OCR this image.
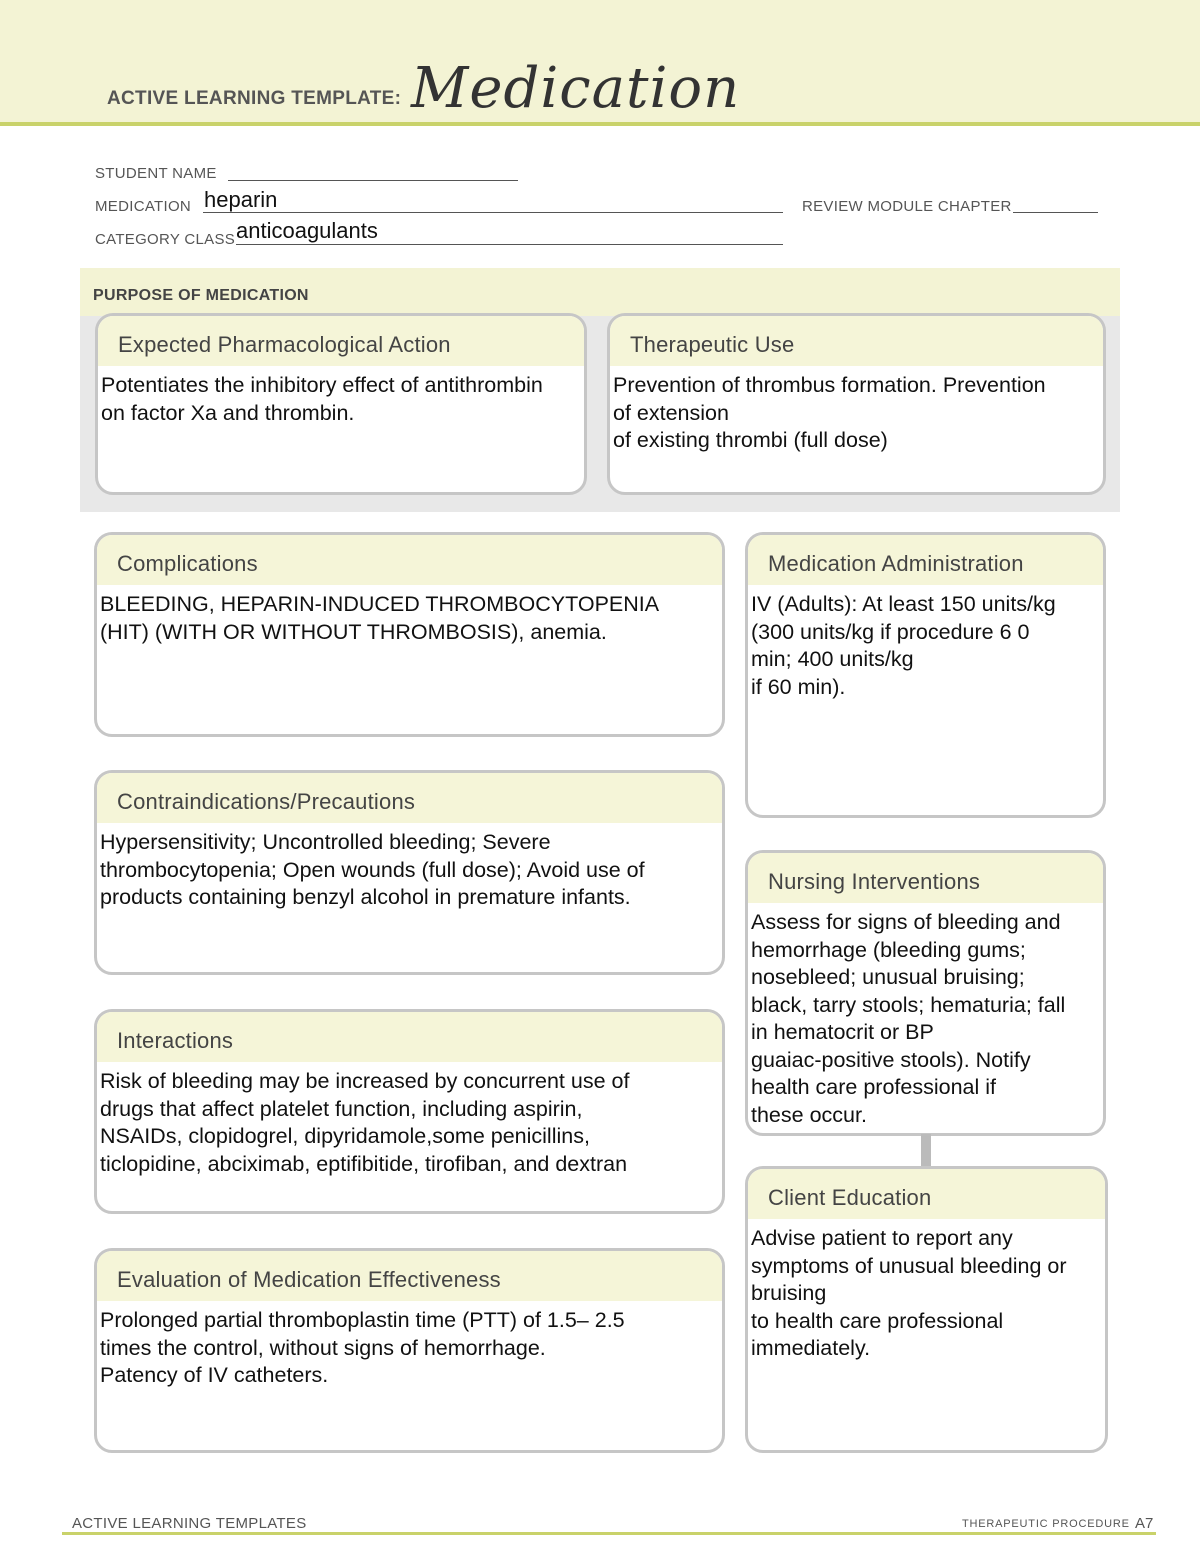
ACTIVE LEARNING TEMPLATE: Medication
STUDENT NAME
MEDICATION heparin	REVIEW MODULE CHAPTER
CATEGORY CLASS anticoagulants
PURPOSE OF MEDICATION
Expected Pharmacological Action
Potentiates the inhibitory effect of antithrombin
on factor Xa and thrombin.
Therapeutic Use
Prevention of thrombus formation. Prevention
of extension
of existing thrombi (full dose)
Complications
BLEEDING, HEPARIN-INDUCED THROMBOCYTOPENIA
(HIT) (WITH OR WITHOUT THROMBOSIS), anemia.
Contraindications/Precautions
Hypersensitivity; Uncontrolled bleeding; Severe
thrombocytopenia; Open wounds (full dose); Avoid use of
products containing benzyl alcohol in premature infants.
Interactions
Risk of bleeding may be increased by concurrent use of
drugs that affect platelet function, including aspirin,
NSAIDs, clopidogrel, dipyridamole,some penicillins,
ticlopidine, abciximab, eptifibitide, tirofiban, and dextran
Evaluation of Medication Effectiveness
Prolonged partial thromboplastin time (PTT) of 1.5– 2.5
times the control, without signs of hemorrhage.
Patency of IV catheters.
Medication Administration
IV (Adults): At least 150 units/kg
(300 units/kg if procedure 6 0
min; 400 units/kg
if 60 min).
Nursing Interventions
Assess for signs of bleeding and
hemorrhage (bleeding gums;
nosebleed; unusual bruising;
black, tarry stools; hematuria; fall
in hematocrit or BP
guaiac-positive stools). Notify
health care professional if
these occur.
Client Education
Advise patient to report any
symptoms of unusual bleeding or
bruising
to health care professional
immediately.
ACTIVE LEARNING TEMPLATES	THERAPEUTIC PROCEDURE A7
